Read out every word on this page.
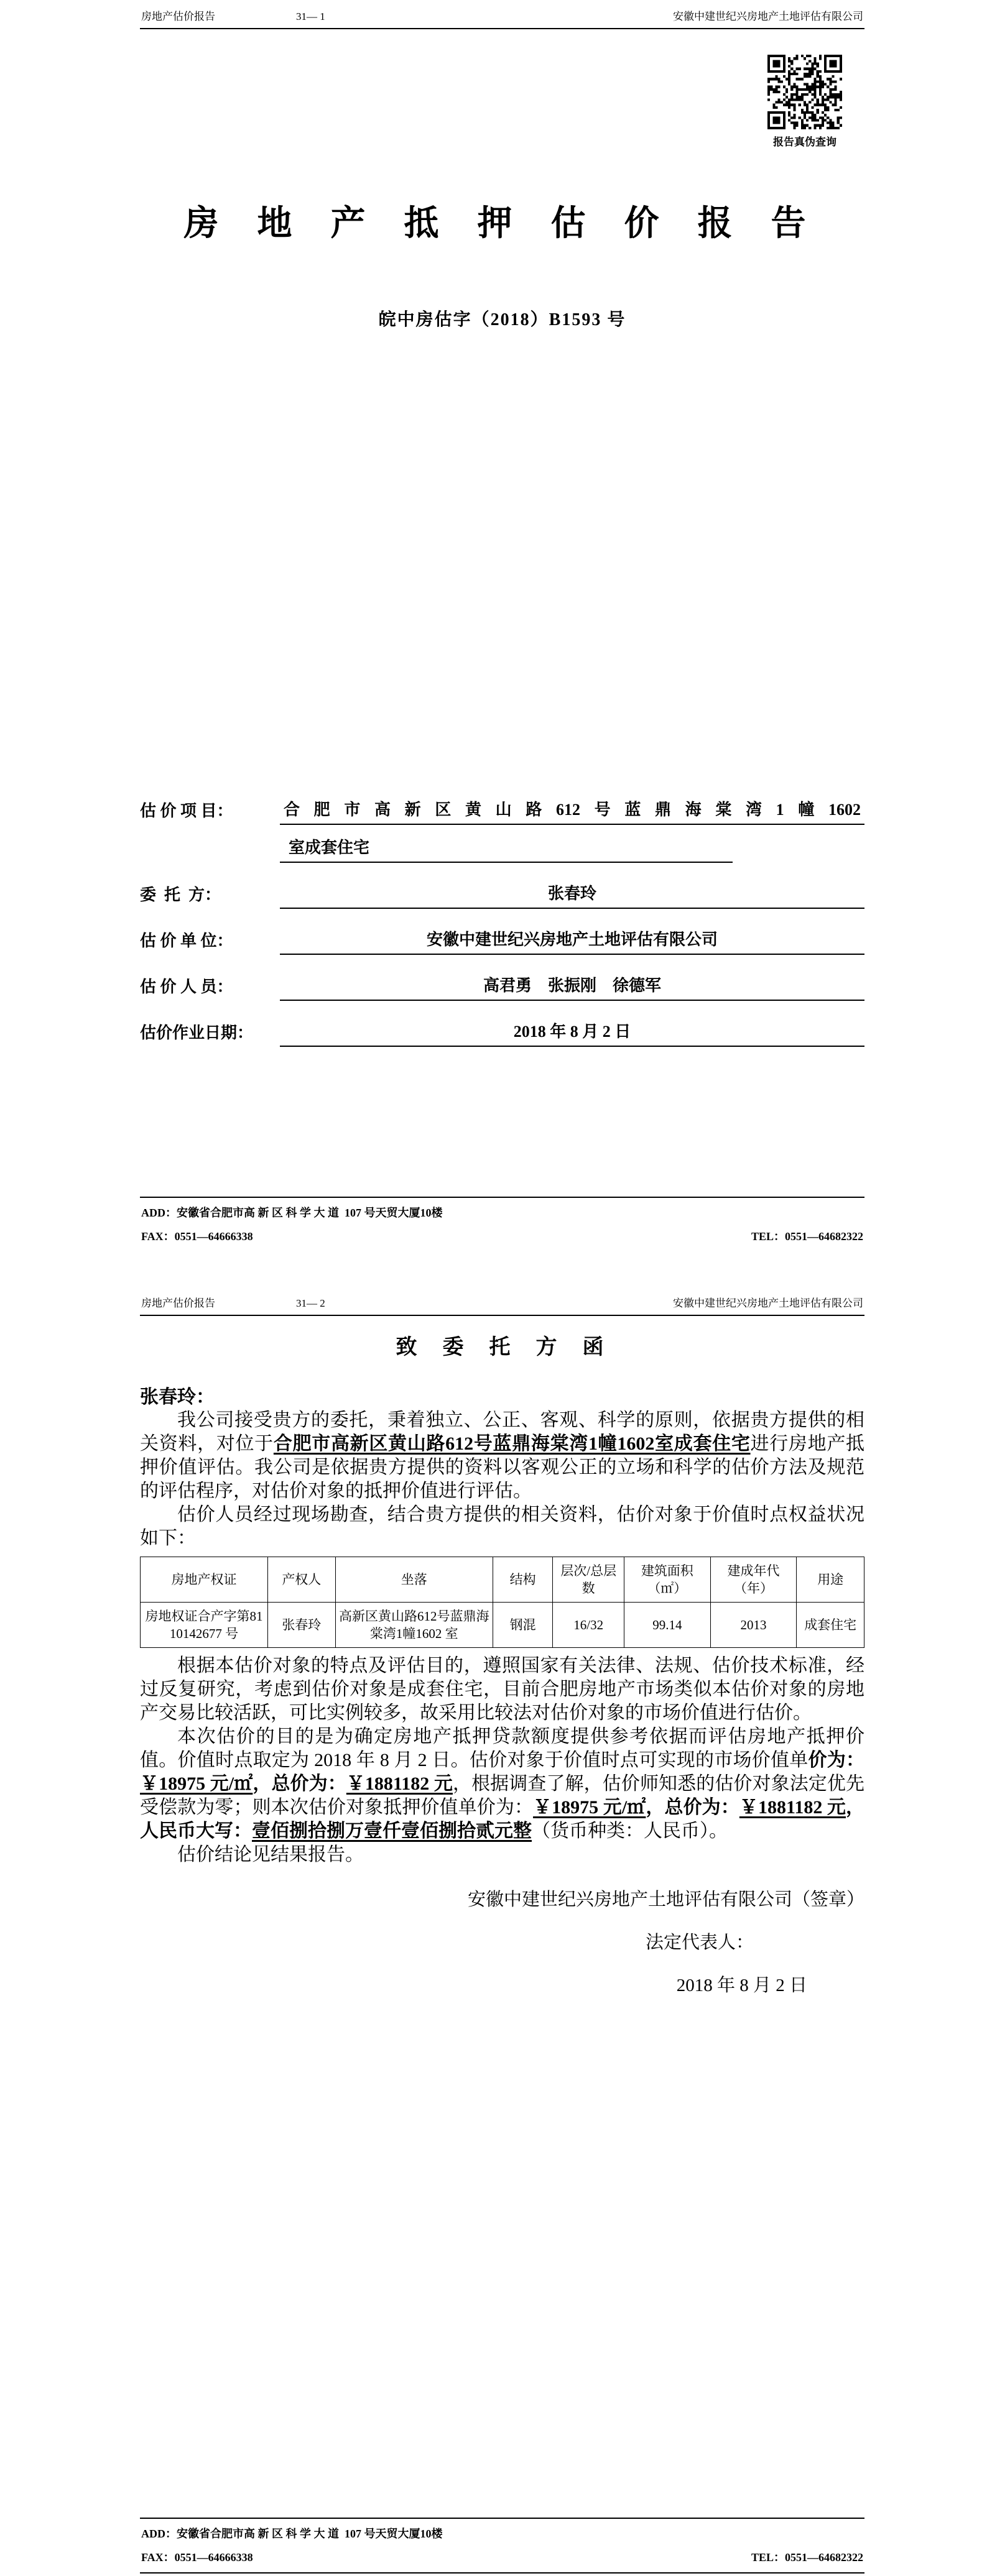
房地产估价报告	31— 1	安徽中建世纪兴房地产土地评估有限公司
报告真伪查询
房 地 产 抵 押 估 价 报 告
皖中房估字（2018）B1593 号
估 价 项 目：	合肥市高新区黄山路612号蓝鼎海棠湾1幢1602
室成套住宅
委  托  方：	张春玲
估 价 单 位：	安徽中建世纪兴房地产土地评估有限公司
估 价 人 员：	高君勇    张振刚    徐德军
估价作业日期：	2018 年 8 月 2 日
ADD：安徽省合肥市高 新 区 科 学 大 道  107 号天贸大厦10楼
FAX：0551—64666338	TEL：0551—64682322
房地产估价报告	31— 2	安徽中建世纪兴房地产土地评估有限公司
致  委  托  方  函
张春玲：

我公司接受贵方的委托，秉着独立、公正、客观、科学的原则，依据贵方提供的相关资料，对位于合肥市高新区黄山路612号蓝鼎海棠湾1幢1602室成套住宅进行房地产抵押价值评估。我公司是依据贵方提供的资料以客观公正的立场和科学的估价方法及规范的评估程序，对估价对象的抵押价值进行评估。

估价人员经过现场勘查，结合贵方提供的相关资料，估价对象于价值时点权益状况如下：

房地产权证	产权人	坐落	结构	层次/总层数	建筑面积（㎡）	建成年代（年）	用途
房地权证合产字第8110142677 号	张春玲	高新区黄山路612号蓝鼎海棠湾1幢1602 室	钢混	16/32	99.14	2013	成套住宅

根据本估价对象的特点及评估目的，遵照国家有关法律、法规、估价技术标准，经过反复研究，考虑到估价对象是成套住宅，目前合肥房地产市场类似本估价对象的房地产交易比较活跃，可比实例较多，故采用比较法对估价对象的市场价值进行估价。

本次估价的目的是为确定房地产抵押贷款额度提供参考依据而评估房地产抵押价值。价值时点取定为 2018 年 8 月 2 日。估价对象于价值时点可实现的市场价值单价为：￥18975 元/㎡，总价为：￥1881182 元，根据调查了解，估价师知悉的估价对象法定优先受偿款为零；则本次估价对象抵押价值单价为：￥18975 元/㎡，总价为：￥1881182 元，人民币大写：壹佰捌拾捌万壹仟壹佰捌拾贰元整（货币种类：人民币）。

估价结论见结果报告。

安徽中建世纪兴房地产土地评估有限公司（签章）
法定代表人：
2018 年 8 月 2 日
ADD：安徽省合肥市高 新 区 科 学 大 道  107 号天贸大厦10楼
FAX：0551—64666338	TEL：0551—64682322
